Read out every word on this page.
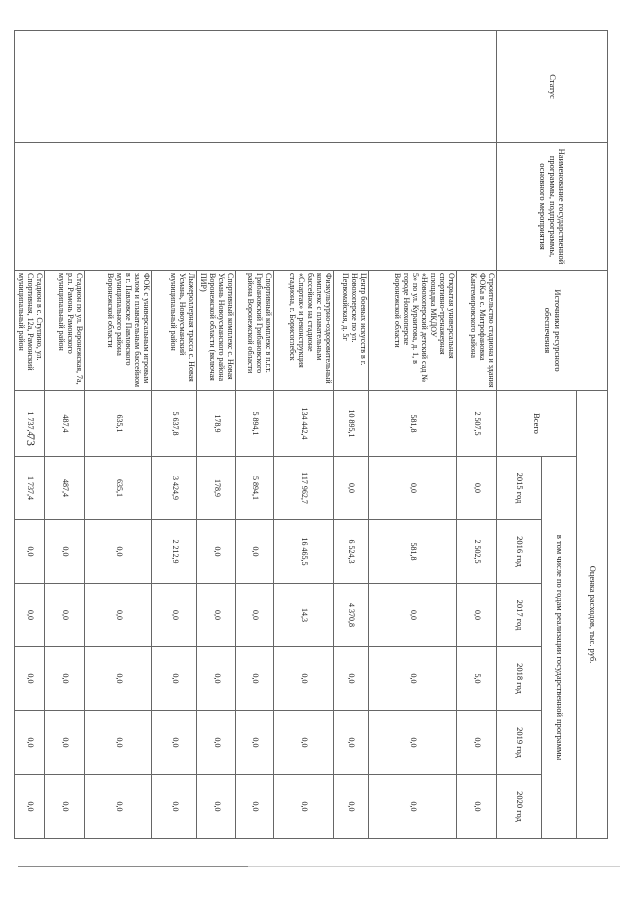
73
Статус	Наименование государственной программы, подпрограммы, основного мероприятия	Источники ресурсного обеспечения	Оценка расходов, тыс. руб.						
			Всего	в том числе по годам реализации государственной программы					
				2015 год	2016 год	2017 год	2018 год	2019 год	2020 год
		Строительство стадиона и здания ФОКа в с. Митрофановка Кантемировского района	2 507,5	0,0	2 502,5	0,0	5,0	0,0	0,0
		Открытая универсальная спортивно-тренажерная площадка МКДОУ «Новохоперский детский сад № 5» по ул. Кураитова, д. 1, в городе Новохоперске Воронежской области	581,8	0,0	581,8	0,0	0,0	0,0	0,0
		Центр боевых искусств в г. Новохоперске по ул. Первомайская, д. 5г	10 895,1	0,0	6 524,3	4 370,8	0,0	0,0	0,0
		Физкультурно-оздоровительный комплекс с плавательным бассейном на стадионе «Спартак» и реконструкция стадиона, г. Борисоглебск	134 442,4	117 962,7	16 465,5	14,3	0,0	0,0	0,0
		Спортивный комплекс в п.г.т. Грибановский Грибановского района Воронежской области	5 894,1	5 894,1	0,0	0,0	0,0	0,0	0,0
		Спортивный комплекс с. Новая Усмань Новоусманского района Воронежской области (включая ПИР)	178,9	178,9	0,0	0,0	0,0	0,0	0,0
		Лыжероллерная трасса с. Новая Усмань, Новоусманский муниципальный район	5 637,8	3 424,9	2 212,9	0,0	0,0	0,0	0,0
		ФОК с универсальным игровым залом и плавательным бассейном в г. Павловске Павловского муниципального района Воронежской области	635,1	635,1	0,0	0,0	0,0	0,0	0,0
		Стадион по ул. Воронежская, 7а, р.п. Рамонь Рамонского муниципальный район	487,4	487,4	0,0	0,0	0,0	0,0	0,0
		Стадион в с. Ступино, ул. Спортивная, 12а, Рамонский муниципальный район	1 737,4	1 737,4	0,0	0,0	0,0	0,0	0,0
